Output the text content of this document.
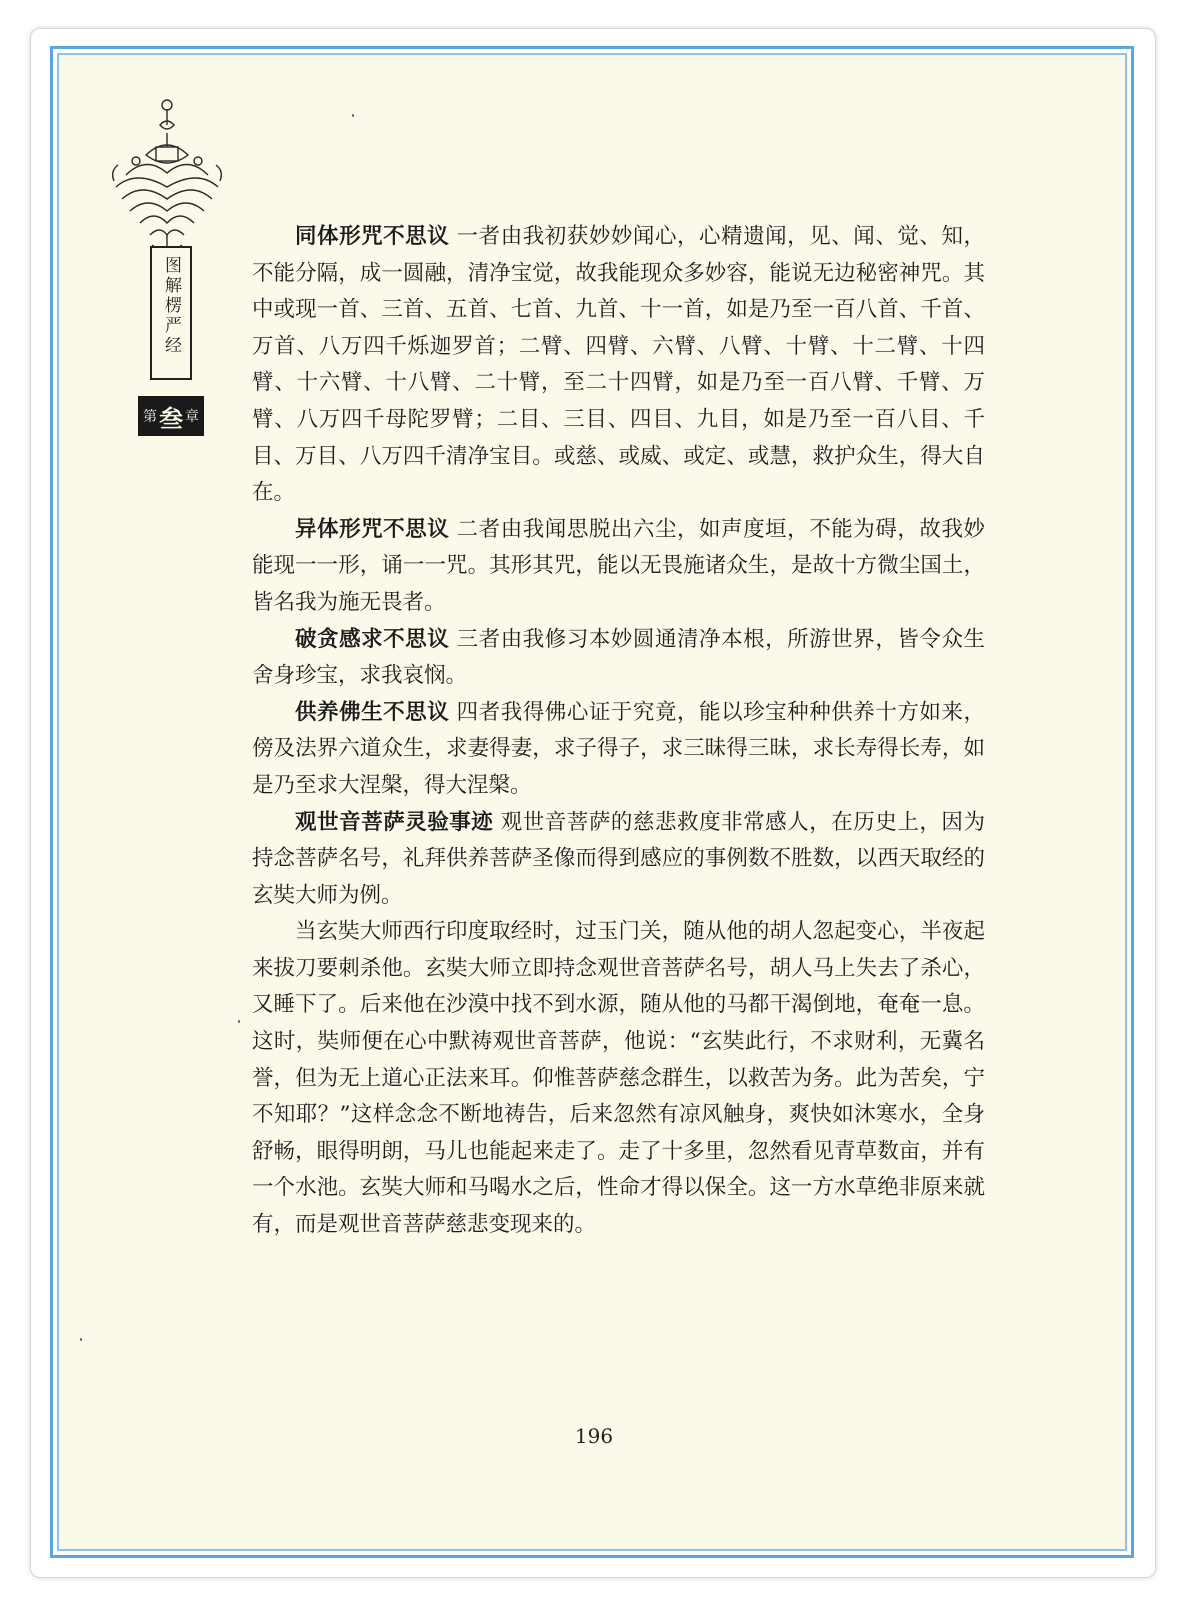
图解楞严经
第 叁 章

同体形咒不思议 一者由我初获妙妙闻心，心精遗闻，见、闻、觉、知，不能分隔，成一圆融，清净宝觉，故我能现众多妙容，能说无边秘密神咒。其中或现一首、三首、五首、七首、九首、十一首，如是乃至一百八首、千首、万首、八万四千烁迦罗首；二臂、四臂、六臂、八臂、十臂、十二臂、十四臂、十六臂、十八臂、二十臂，至二十四臂，如是乃至一百八臂、千臂、万臂、八万四千母陀罗臂；二目、三目、四目、九目，如是乃至一百八目、千目、万目、八万四千清净宝目。或慈、或威、或定、或慧，救护众生，得大自在。

异体形咒不思议 二者由我闻思脱出六尘，如声度垣，不能为碍，故我妙能现一一形，诵一一咒。其形其咒，能以无畏施诸众生，是故十方微尘国土，皆名我为施无畏者。

破贪感求不思议 三者由我修习本妙圆通清净本根，所游世界，皆令众生舍身珍宝，求我哀悯。

供养佛生不思议 四者我得佛心证于究竟，能以珍宝种种供养十方如来，傍及法界六道众生，求妻得妻，求子得子，求三昧得三昧，求长寿得长寿，如是乃至求大涅槃，得大涅槃。

观世音菩萨灵验事迹 观世音菩萨的慈悲救度非常感人，在历史上，因为持念菩萨名号，礼拜供养菩萨圣像而得到感应的事例数不胜数，以西天取经的玄奘大师为例。

当玄奘大师西行印度取经时，过玉门关，随从他的胡人忽起变心，半夜起来拔刀要刺杀他。玄奘大师立即持念观世音菩萨名号，胡人马上失去了杀心，又睡下了。后来他在沙漠中找不到水源，随从他的马都干渴倒地，奄奄一息。这时，奘师便在心中默祷观世音菩萨，他说：“玄奘此行，不求财利，无冀名誉，但为无上道心正法来耳。仰惟菩萨慈念群生，以救苦为务。此为苦矣，宁不知耶？”这样念念不断地祷告，后来忽然有凉风触身，爽快如沐寒水，全身舒畅，眼得明朗，马儿也能起来走了。走了十多里，忽然看见青草数亩，并有一个水池。玄奘大师和马喝水之后，性命才得以保全。这一方水草绝非原来就有，而是观世音菩萨慈悲变现来的。

196
